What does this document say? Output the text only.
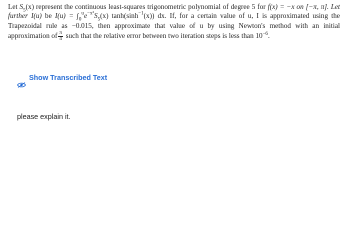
Let $S_5(x)$ represent the continuous least-squares trigonometric polynomial of degree 5 for f(x) = −x on [−π, π]. Let further I(u) be $I(u) = \int_0^ue^{-x^2}S_5(x)$ $\tanh(\sinh^{-1}(x))$ dx. If, for a certain value of u, I is approximated using the Trapezoidal rule as −0.015, then approximate that value of u by using Newton's method with an initial approximation of $\frac{\pi}{4}$ such that the relative error between two iteration steps is less than $10^{-6}$.
Show Transcribed Text
please explain it.
